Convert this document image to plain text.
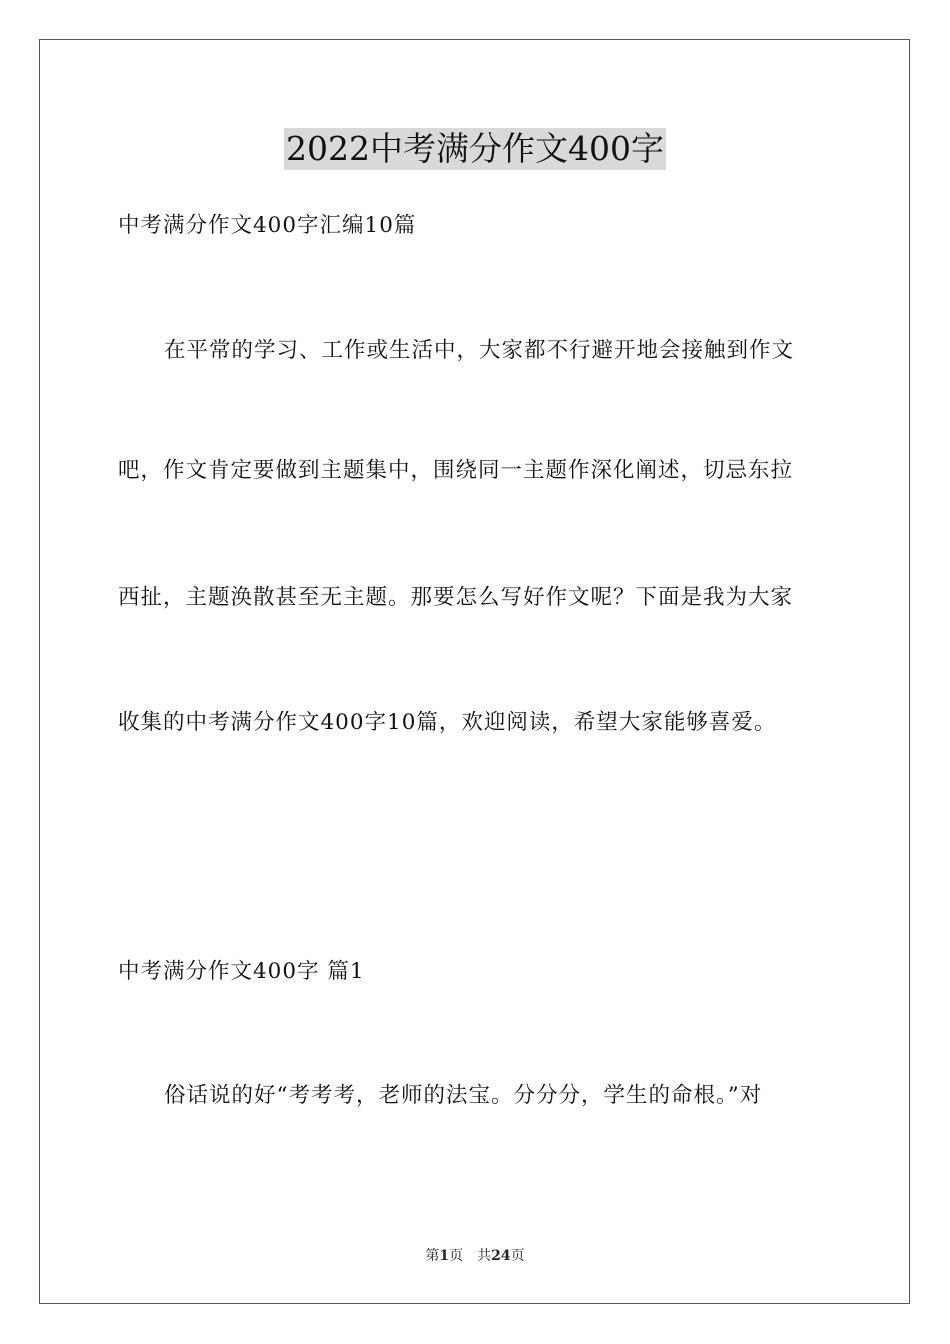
2022中考满分作文400字
中考满分作文400字汇编10篇
在平常的学习、工作或生活中，大家都不行避开地会接触到作文
吧，作文肯定要做到主题集中，围绕同一主题作深化阐述，切忌东拉
西扯，主题涣散甚至无主题。那要怎么写好作文呢？下面是我为大家
收集的中考满分作文400字10篇，欢迎阅读，希望大家能够喜爱。
中考满分作文400字 篇1
俗话说的好“考考考，老师的法宝。分分分，学生的命根。”对
第1页 共24页
